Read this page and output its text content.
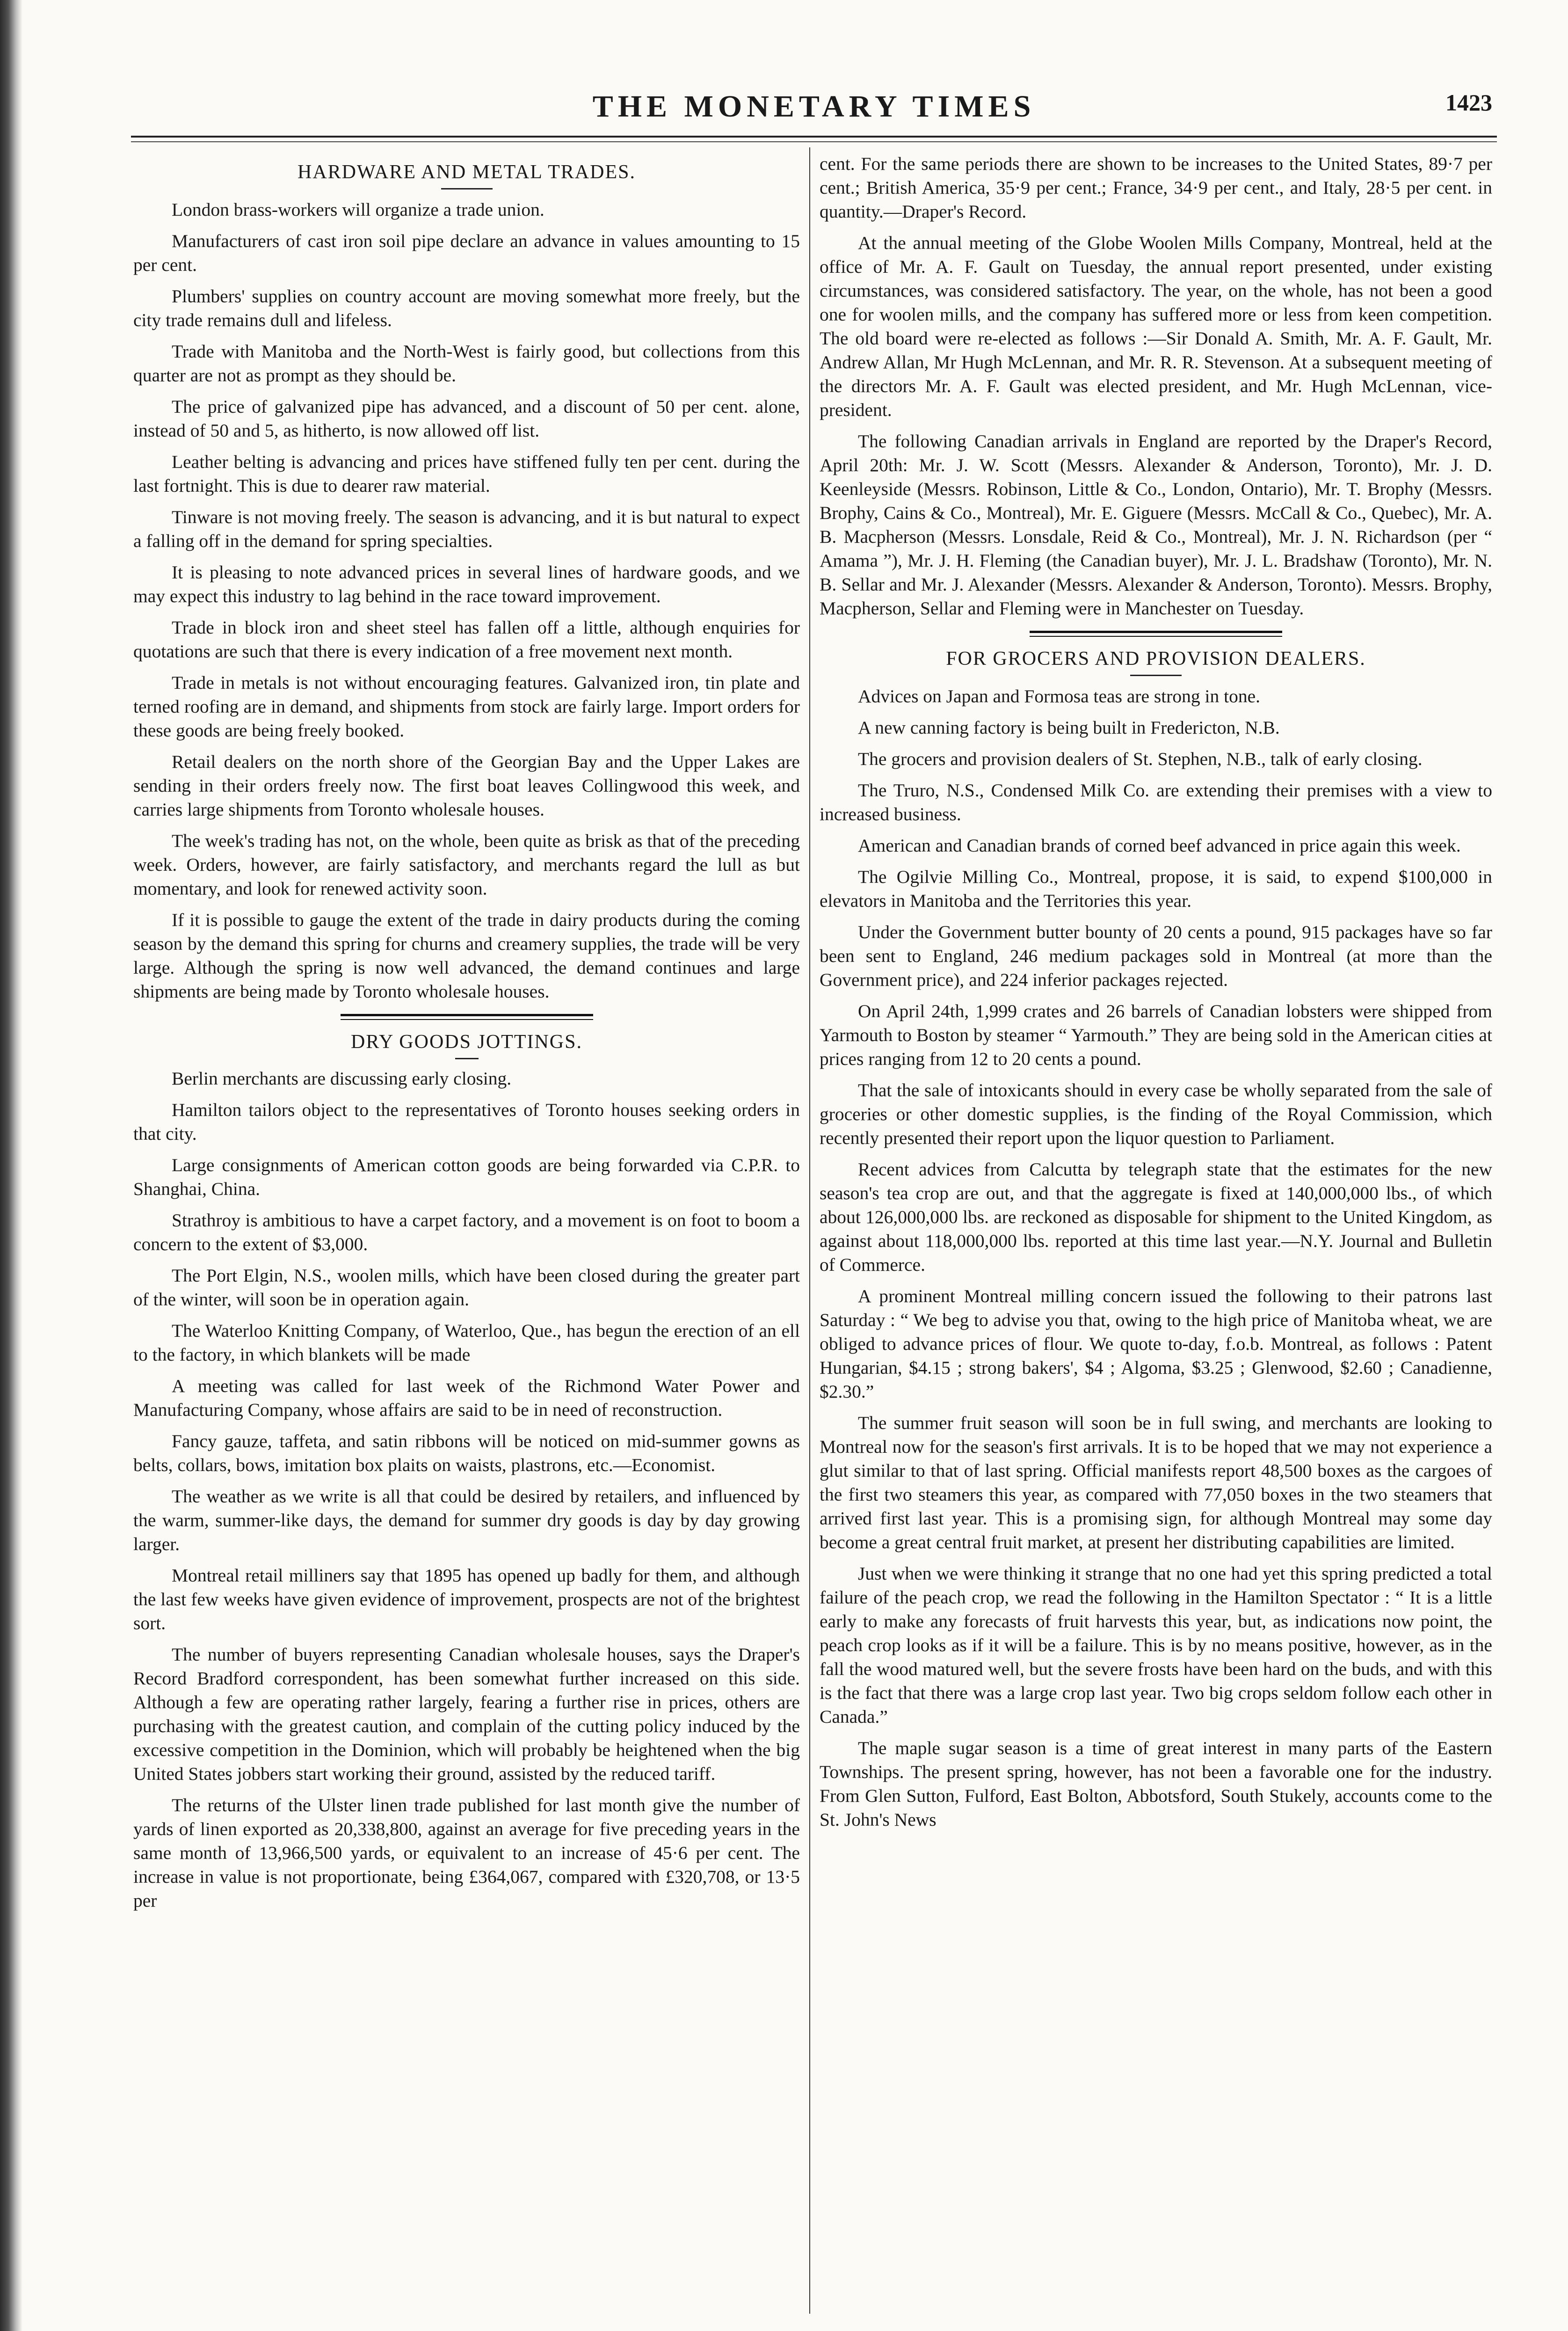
THE MONETARY TIMES	1423
HARDWARE AND METAL TRADES.

London brass-workers will organize a trade union.

Manufacturers of cast iron soil pipe declare an advance in values amounting to 15 per cent.

Plumbers' supplies on country account are moving somewhat more freely, but the city trade remains dull and lifeless.

Trade with Manitoba and the North-West is fairly good, but collections from this quarter are not as prompt as they should be.

The price of galvanized pipe has advanced, and a discount of 50 per cent. alone, instead of 50 and 5, as hitherto, is now allowed off list.

Leather belting is advancing and prices have stiffened fully ten per cent. during the last fortnight. This is due to dearer raw material.

Tinware is not moving freely. The season is advancing, and it is but natural to expect a falling off in the demand for spring specialties.

It is pleasing to note advanced prices in several lines of hardware goods, and we may expect this industry to lag behind in the race toward improvement.

Trade in block iron and sheet steel has fallen off a little, although enquiries for quotations are such that there is every indication of a free movement next month.

Trade in metals is not without encouraging features. Galvanized iron, tin plate and terned roofing are in demand, and shipments from stock are fairly large. Import orders for these goods are being freely booked.

Retail dealers on the north shore of the Georgian Bay and the Upper Lakes are sending in their orders freely now. The first boat leaves Collingwood this week, and carries large shipments from Toronto wholesale houses.

The week's trading has not, on the whole, been quite as brisk as that of the preceding week. Orders, however, are fairly satisfactory, and merchants regard the lull as but momentary, and look for renewed activity soon.

If it is possible to gauge the extent of the trade in dairy products during the coming season by the demand this spring for churns and creamery supplies, the trade will be very large. Although the spring is now well advanced, the demand continues and large shipments are being made by Toronto wholesale houses.

DRY GOODS JOTTINGS.

Berlin merchants are discussing early closing.

Hamilton tailors object to the representatives of Toronto houses seeking orders in that city.

Large consignments of American cotton goods are being forwarded via C.P.R. to Shanghai, China.

Strathroy is ambitious to have a carpet factory, and a movement is on foot to boom a concern to the extent of $3,000.

The Port Elgin, N.S., woolen mills, which have been closed during the greater part of the winter, will soon be in operation again.

The Waterloo Knitting Company, of Waterloo, Que., has begun the erection of an ell to the factory, in which blankets will be made

A meeting was called for last week of the Richmond Water Power and Manufacturing Company, whose affairs are said to be in need of reconstruction.

Fancy gauze, taffeta, and satin ribbons will be noticed on mid-summer gowns as belts, collars, bows, imitation box plaits on waists, plastrons, etc.—Economist.

The weather as we write is all that could be desired by retailers, and influenced by the warm, summer-like days, the demand for summer dry goods is day by day growing larger.

Montreal retail milliners say that 1895 has opened up badly for them, and although the last few weeks have given evidence of improvement, prospects are not of the brightest sort.

The number of buyers representing Canadian wholesale houses, says the Draper's Record Bradford correspondent, has been somewhat further increased on this side. Although a few are operating rather largely, fearing a further rise in prices, others are purchasing with the greatest caution, and complain of the cutting policy induced by the excessive competition in the Dominion, which will probably be heightened when the big United States jobbers start working their ground, assisted by the reduced tariff.

The returns of the Ulster linen trade published for last month give the number of yards of linen exported as 20,338,800, against an average for five preceding years in the same month of 13,966,500 yards, or equivalent to an increase of 45·6 per cent. The increase in value is not proportionate, being £364,067, compared with £320,708, or 13·5 per

cent. For the same periods there are shown to be increases to the United States, 89·7 per cent.; British America, 35·9 per cent.; France, 34·9 per cent., and Italy, 28·5 per cent. in quantity.—Draper's Record.

At the annual meeting of the Globe Woolen Mills Company, Montreal, held at the office of Mr. A. F. Gault on Tuesday, the annual report presented, under existing circumstances, was considered satisfactory. The year, on the whole, has not been a good one for woolen mills, and the company has suffered more or less from keen competition. The old board were re-elected as follows :—Sir Donald A. Smith, Mr. A. F. Gault, Mr. Andrew Allan, Mr Hugh McLennan, and Mr. R. R. Stevenson. At a subsequent meeting of the directors Mr. A. F. Gault was elected president, and Mr. Hugh McLennan, vice-president.

The following Canadian arrivals in England are reported by the Draper's Record, April 20th: Mr. J. W. Scott (Messrs. Alexander & Anderson, Toronto), Mr. J. D. Keenleyside (Messrs. Robinson, Little & Co., London, Ontario), Mr. T. Brophy (Messrs. Brophy, Cains & Co., Montreal), Mr. E. Giguere (Messrs. McCall & Co., Quebec), Mr. A. B. Macpherson (Messrs. Lonsdale, Reid & Co., Montreal), Mr. J. N. Richardson (per “ Amama ”), Mr. J. H. Fleming (the Canadian buyer), Mr. J. L. Bradshaw (Toronto), Mr. N. B. Sellar and Mr. J. Alexander (Messrs. Alexander & Anderson, Toronto). Messrs. Brophy, Macpherson, Sellar and Fleming were in Manchester on Tuesday.

FOR GROCERS AND PROVISION DEALERS.

Advices on Japan and Formosa teas are strong in tone.

A new canning factory is being built in Fredericton, N.B.

The grocers and provision dealers of St. Stephen, N.B., talk of early closing.

The Truro, N.S., Condensed Milk Co. are extending their premises with a view to increased business.

American and Canadian brands of corned beef advanced in price again this week.

The Ogilvie Milling Co., Montreal, propose, it is said, to expend $100,000 in elevators in Manitoba and the Territories this year.

Under the Government butter bounty of 20 cents a pound, 915 packages have so far been sent to England, 246 medium packages sold in Montreal (at more than the Government price), and 224 inferior packages rejected.

On April 24th, 1,999 crates and 26 barrels of Canadian lobsters were shipped from Yarmouth to Boston by steamer “ Yarmouth.” They are being sold in the American cities at prices ranging from 12 to 20 cents a pound.

That the sale of intoxicants should in every case be wholly separated from the sale of groceries or other domestic supplies, is the finding of the Royal Commission, which recently presented their report upon the liquor question to Parliament.

Recent advices from Calcutta by telegraph state that the estimates for the new season's tea crop are out, and that the aggregate is fixed at 140,000,000 lbs., of which about 126,000,000 lbs. are reckoned as disposable for shipment to the United Kingdom, as against about 118,000,000 lbs. reported at this time last year.—N.Y. Journal and Bulletin of Commerce.

A prominent Montreal milling concern issued the following to their patrons last Saturday : “ We beg to advise you that, owing to the high price of Manitoba wheat, we are obliged to advance prices of flour. We quote to-day, f.o.b. Montreal, as follows : Patent Hungarian, $4.15 ; strong bakers', $4 ; Algoma, $3.25 ; Glenwood, $2.60 ; Canadienne, $2.30.”

The summer fruit season will soon be in full swing, and merchants are looking to Montreal now for the season's first arrivals. It is to be hoped that we may not experience a glut similar to that of last spring. Official manifests report 48,500 boxes as the cargoes of the first two steamers this year, as compared with 77,050 boxes in the two steamers that arrived first last year. This is a promising sign, for although Montreal may some day become a great central fruit market, at present her distributing capabilities are limited.

Just when we were thinking it strange that no one had yet this spring predicted a total failure of the peach crop, we read the following in the Hamilton Spectator : “ It is a little early to make any forecasts of fruit harvests this year, but, as indications now point, the peach crop looks as if it will be a failure. This is by no means positive, however, as in the fall the wood matured well, but the severe frosts have been hard on the buds, and with this is the fact that there was a large crop last year. Two big crops seldom follow each other in Canada.”

The maple sugar season is a time of great interest in many parts of the Eastern Townships. The present spring, however, has not been a favorable one for the industry. From Glen Sutton, Fulford, East Bolton, Abbotsford, South Stukely, accounts come to the St. John's News
